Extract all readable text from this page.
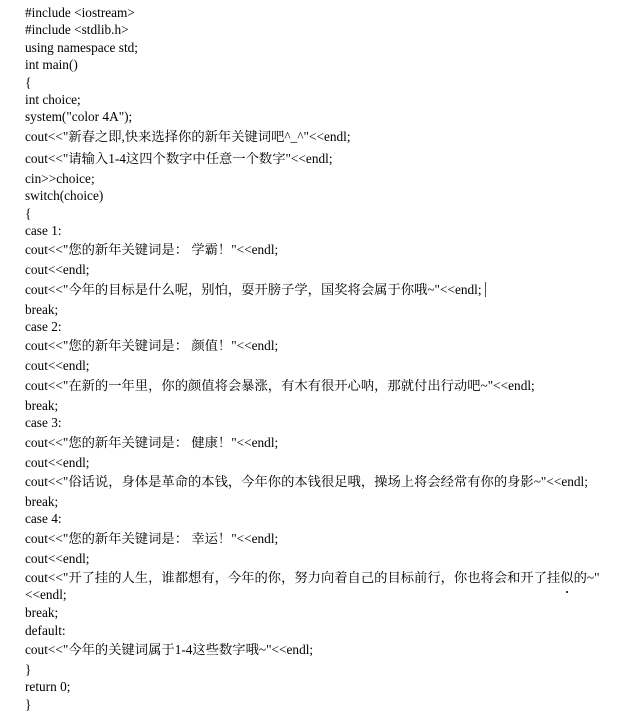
#include <iostream>
#include <stdlib.h>
using namespace std;
int main()
{
int choice;
system("color 4A");
cout<<"新春之即,快来选择你的新年关键词吧^_^"<<endl;
cout<<"请输入1-4这四个数字中任意一个数字"<<endl;
cin>>choice;
switch(choice)
{
case 1:
cout<<"您的新年关键词是： 学霸！"<<endl;
cout<<endl;
cout<<"今年的目标是什么呢，别怕，耍开膀子学，国奖将会属于你哦~"<<endl;
break;
case 2:
cout<<"您的新年关键词是： 颜值！"<<endl;
cout<<endl;
cout<<"在新的一年里，你的颜值将会暴涨，有木有很开心呐，那就付出行动吧~"<<endl;
break;
case 3:
cout<<"您的新年关键词是： 健康！"<<endl;
cout<<endl;
cout<<"俗话说，身体是革命的本钱，今年你的本钱很足哦，操场上将会经常有你的身影~"<<endl;
break;
case 4:
cout<<"您的新年关键词是： 幸运！"<<endl;
cout<<endl;
cout<<"开了挂的人生，谁都想有，今年的你，努力向着自己的目标前行，你也将会和开了挂似的~"<<endl;
break;
default:
cout<<"今年的关键词属于1-4这些数字哦~"<<endl;
}
return 0;
}
